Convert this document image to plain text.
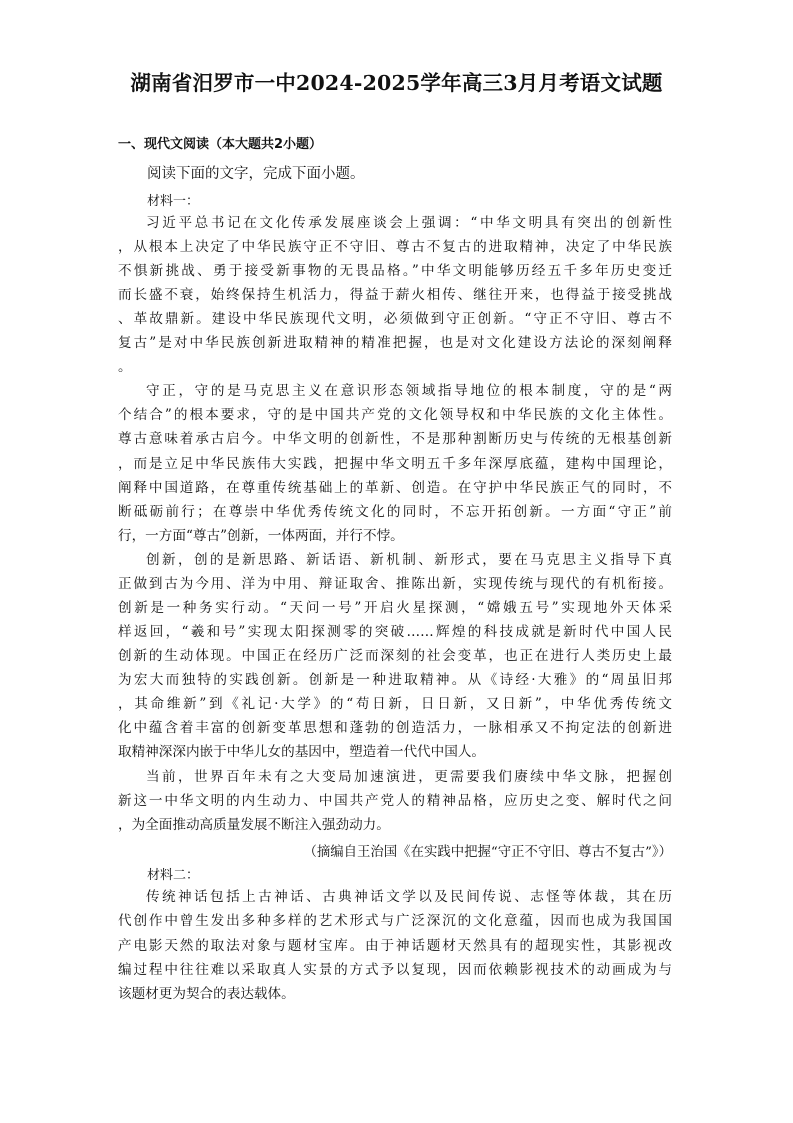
湖南省汨罗市一中2024-2025学年高三3月月考语文试题
一、现代文阅读（本大题共2小题）
阅读下面的文字，完成下面小题。
材料一：
习近平总书记在文化传承发展座谈会上强调：“中华文明具有突出的创新性
，从根本上决定了中华民族守正不守旧、尊古不复古的进取精神，决定了中华民族
不惧新挑战、勇于接受新事物的无畏品格。”中华文明能够历经五千多年历史变迁
而长盛不衰，始终保持生机活力，得益于薪火相传、继往开来，也得益于接受挑战
、革故鼎新。建设中华民族现代文明，必须做到守正创新。“守正不守旧、尊古不
复古”是对中华民族创新进取精神的精准把握，也是对文化建设方法论的深刻阐释
。
守正，守的是马克思主义在意识形态领域指导地位的根本制度，守的是“两
个结合”的根本要求，守的是中国共产党的文化领导权和中华民族的文化主体性。
尊古意味着承古启今。中华文明的创新性，不是那种割断历史与传统的无根基创新
，而是立足中华民族伟大实践，把握中华文明五千多年深厚底蕴，建构中国理论，
阐释中国道路，在尊重传统基础上的革新、创造。在守护中华民族正气的同时，不
断砥砺前行；在尊崇中华优秀传统文化的同时，不忘开拓创新。一方面“守正”前
行，一方面“尊古”创新，一体两面，并行不悖。
创新，创的是新思路、新话语、新机制、新形式，要在马克思主义指导下真
正做到古为今用、洋为中用、辩证取舍、推陈出新，实现传统与现代的有机衔接。
创新是一种务实行动。“天问一号”开启火星探测，“嫦娥五号”实现地外天体采
样返回，“羲和号”实现太阳探测零的突破……辉煌的科技成就是新时代中国人民
创新的生动体现。中国正在经历广泛而深刻的社会变革，也正在进行人类历史上最
为宏大而独特的实践创新。创新是一种进取精神。从《诗经·大雅》的“周虽旧邦
，其命维新”到《礼记·大学》的“苟日新，日日新，又日新”，中华优秀传统文
化中蕴含着丰富的创新变革思想和蓬勃的创造活力，一脉相承又不拘定法的创新进
取精神深深内嵌于中华儿女的基因中，塑造着一代代中国人。
当前，世界百年未有之大变局加速演进，更需要我们赓续中华文脉，把握创
新这一中华文明的内生动力、中国共产党人的精神品格，应历史之变、解时代之问
，为全面推动高质量发展不断注入强劲动力。
（摘编自王治国《在实践中把握“守正不守旧、尊古不复古”》）
材料二：
传统神话包括上古神话、古典神话文学以及民间传说、志怪等体裁，其在历
代创作中曾生发出多种多样的艺术形式与广泛深沉的文化意蕴，因而也成为我国国
产电影天然的取法对象与题材宝库。由于神话题材天然具有的超现实性，其影视改
编过程中往往难以采取真人实景的方式予以复现，因而依赖影视技术的动画成为与
该题材更为契合的表达载体。
